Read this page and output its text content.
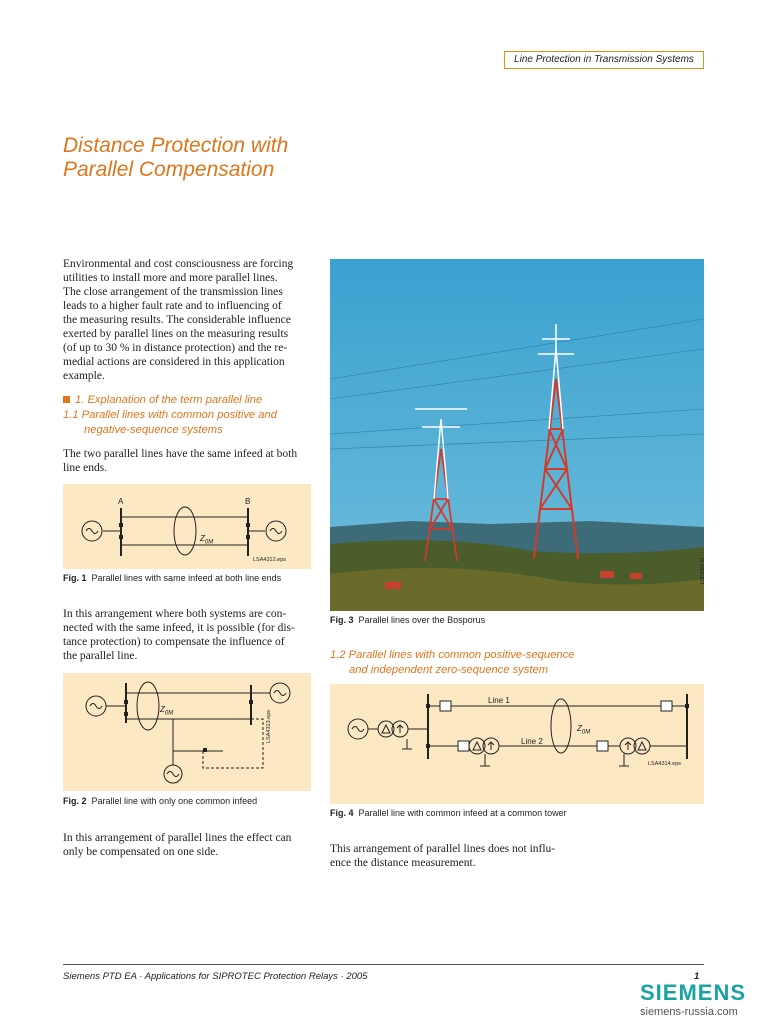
Line Protection in Transmission Systems
Distance Protection with
Parallel Compensation
Environmental and cost consciousness are forcing
utilities to install more and more parallel lines.
The close arrangement of the transmission lines
leads to a higher fault rate and to influencing of
the measuring results. The considerable influence
exerted by parallel lines on the measuring results
(of up to 30 % in distance protection) and the re-
medial actions are considered in this application
example.
1. Explanation of the term parallel line
1.1 Parallel lines with common positive and
negative-sequence systems
The two parallel lines have the same infeed at both
line ends.
A	B
$Z_{0M}$
LSA4312.eps
Fig. 1 Parallel lines with same infeed at both line ends
In this arrangement where both systems are con-
nected with the same infeed, it is possible (for dis-
tance protection) to compensate the influence of
the parallel line.
$Z_{0M}$	LSA4313.eps
Fig. 2 Parallel line with only one common infeed
In this arrangement of parallel lines the effect can
only be compensated on one side.
LSP2307.tif
Fig. 3 Parallel lines over the Bosporus
1.2 Parallel lines with common positive-sequence
and independent zero-sequence system
Line 1
Line 2
$Z_{0M}$
LSA4314.eps
Fig. 4 Parallel line with common infeed at a common tower
This arrangement of parallel lines does not influ-
ence the distance measurement.
Siemens PTD EA · Applications for SIPROTEC Protection Relays · 2005	1
SIEMENS
siemens-russia.com
